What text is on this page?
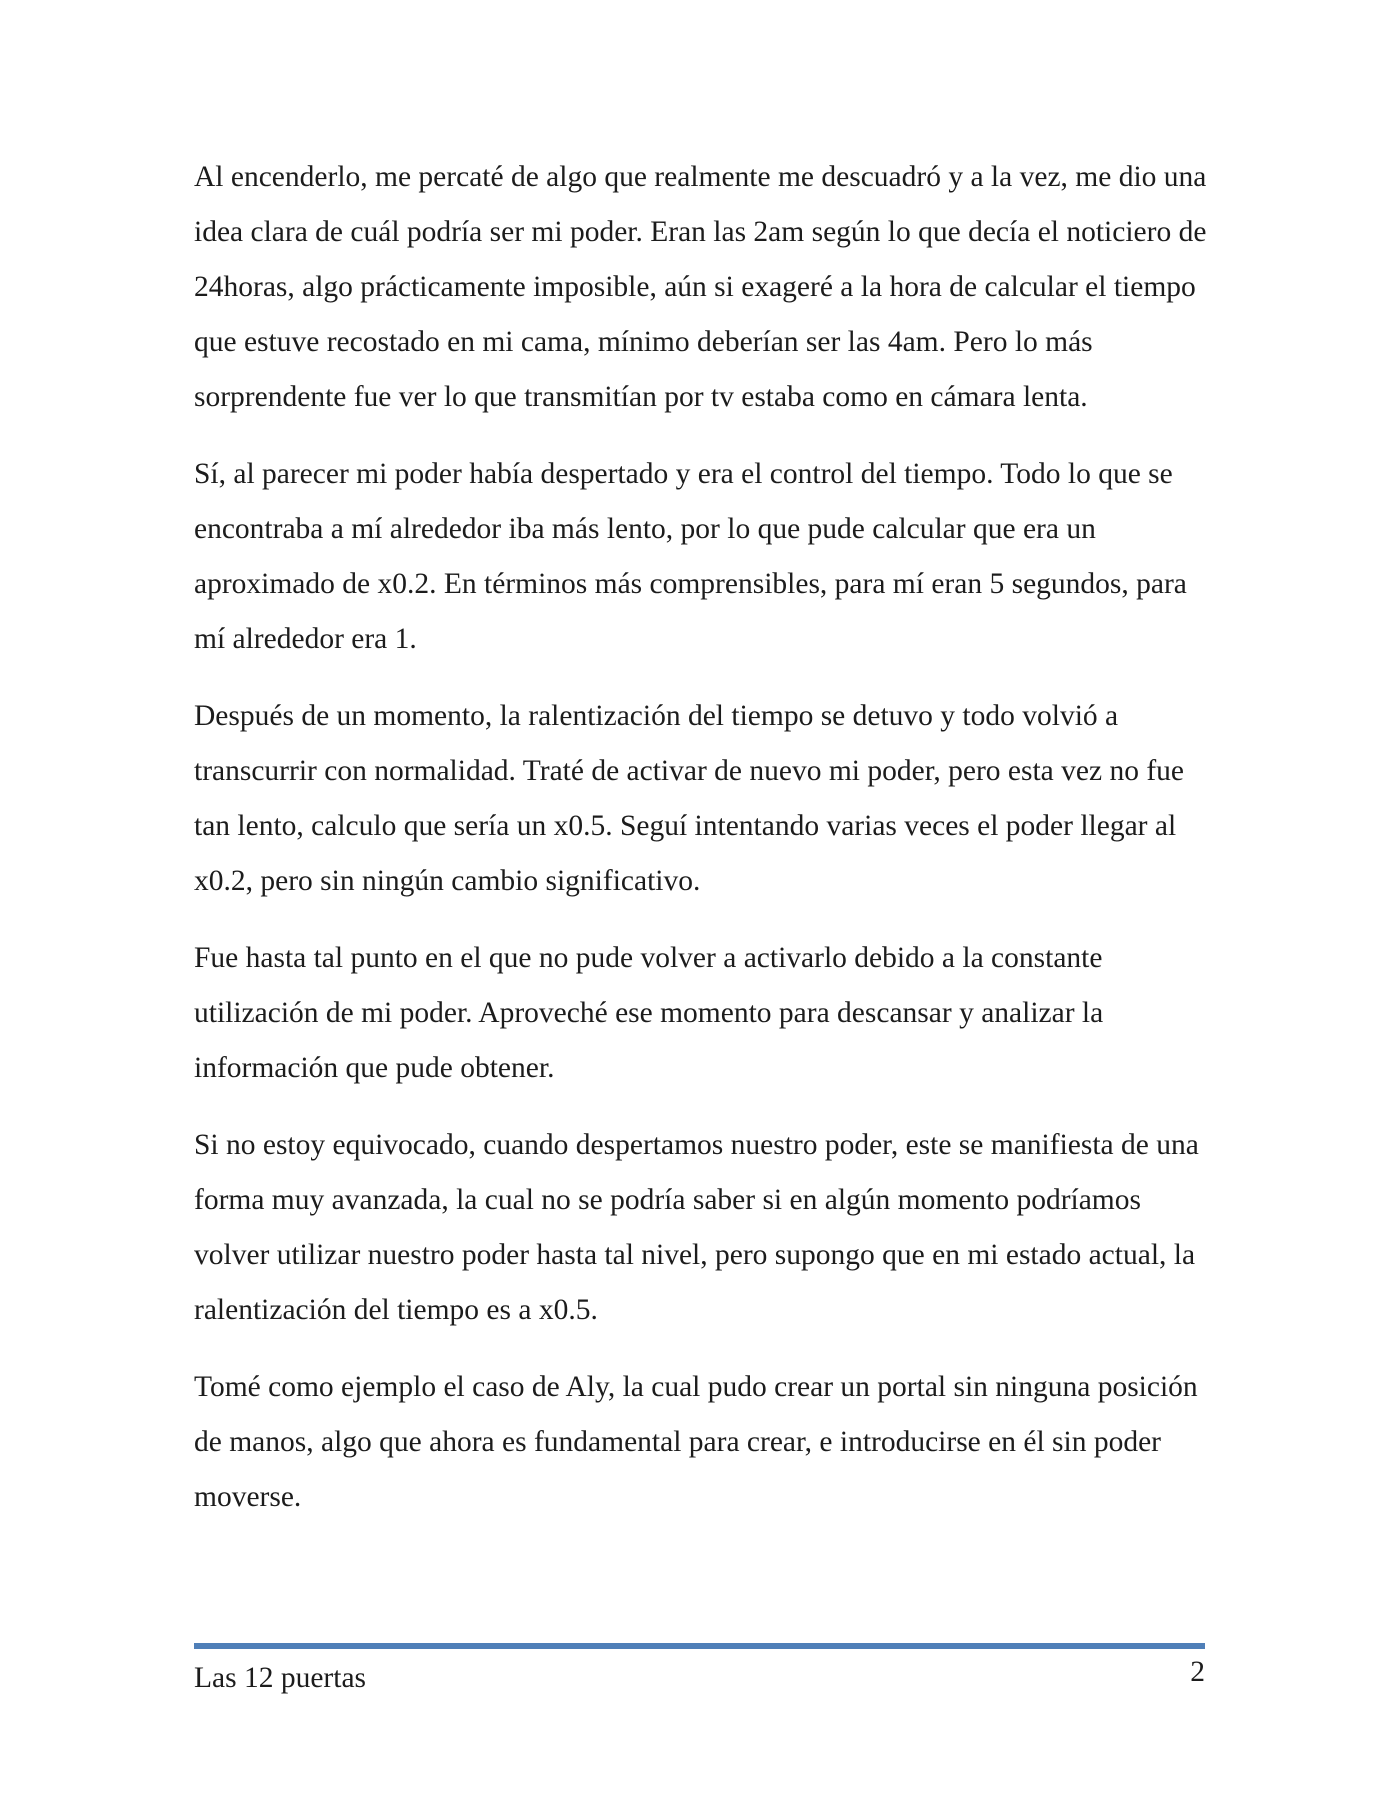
Al encenderlo, me percaté de algo que realmente me descuadró y a la vez, me dio una idea clara de cuál podría ser mi poder. Eran las 2am según lo que decía el noticiero de 24horas, algo prácticamente imposible, aún si exageré a la hora de calcular el tiempo que estuve recostado en mi cama, mínimo deberían ser las 4am. Pero lo más sorprendente fue ver lo que transmitían por tv estaba como en cámara lenta.

Sí, al parecer mi poder había despertado y era el control del tiempo. Todo lo que se encontraba a mí alrededor iba más lento, por lo que pude calcular que era un aproximado de x0.2. En términos más comprensibles, para mí eran 5 segundos, para mí alrededor era 1.

Después de un momento, la ralentización del tiempo se detuvo y todo volvió a transcurrir con normalidad. Traté de activar de nuevo mi poder, pero esta vez no fue tan lento, calculo que sería un x0.5. Seguí intentando varias veces el poder llegar al x0.2, pero sin ningún cambio significativo.

Fue hasta tal punto en el que no pude volver a activarlo debido a la constante utilización de mi poder. Aproveché ese momento para descansar y analizar la información que pude obtener.

Si no estoy equivocado, cuando despertamos nuestro poder, este se manifiesta de una forma muy avanzada, la cual no se podría saber si en algún momento podríamos volver utilizar nuestro poder hasta tal nivel, pero supongo que en mi estado actual, la ralentización del tiempo es a x0.5.

Tomé como ejemplo el caso de Aly, la cual pudo crear un portal sin ninguna posición de manos, algo que ahora es fundamental para crear, e introducirse en él sin poder moverse.

Las 12 puertas	2
